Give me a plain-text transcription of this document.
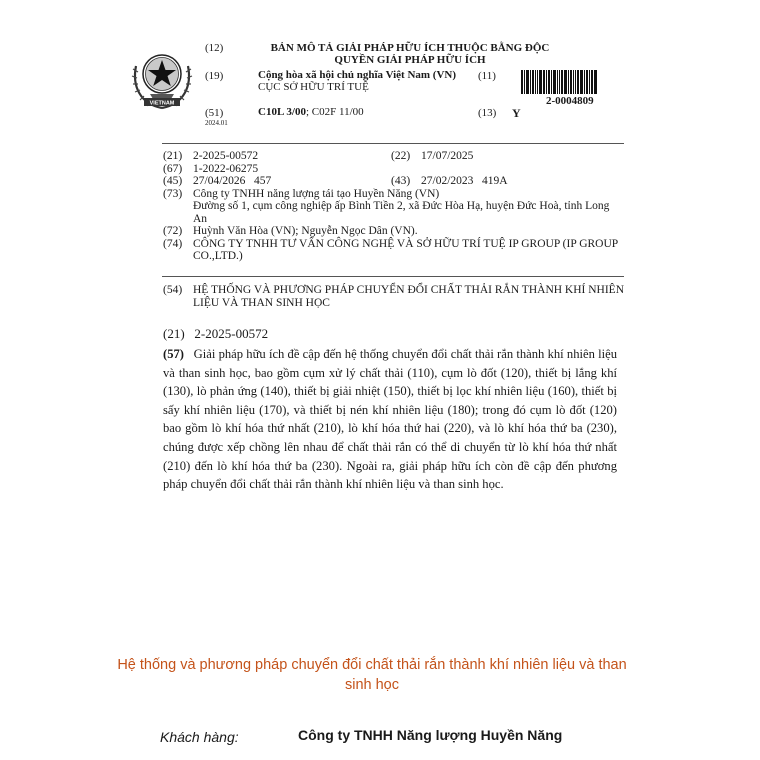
VIETNAM
(12)	BẢN MÔ TẢ GIẢI PHÁP HỮU ÍCH THUỘC BẰNG ĐỘC QUYỀN GIẢI PHÁP HỮU ÍCH
(19)	Cộng hòa xã hội chủ nghĩa Việt Nam (VN)
CỤC SỞ HỮU TRÍ TUỆ
(11)
2-0004809
(51)
2024.01
C10L 3/00; C02F 11/00	(13) Y
(21) 2-2025-00572	(22) 17/07/2025
(67) 1-2022-06275
(45) 27/04/2026   457	(43) 27/02/2023   419A
(73) Công ty TNHH năng lượng tái tạo Huyền Năng (VN)
Đường số 1, cụm công nghiệp ấp Bình Tiền 2, xã Đức Hòa Hạ, huyện Đức Hoà, tỉnh Long An
(72) Huỳnh Văn Hòa (VN); Nguyễn Ngọc Dân (VN).
(74) CÔNG TY TNHH TƯ VẤN CÔNG NGHỆ VÀ SỞ HỮU TRÍ TUỆ IP GROUP (IP GROUP CO.,LTD.)
(54) HỆ THỐNG VÀ PHƯƠNG PHÁP CHUYỂN ĐỔI CHẤT THẢI RẮN THÀNH KHÍ NHIÊN LIỆU VÀ THAN SINH HỌC
(21) 2-2025-00572
(57) Giải pháp hữu ích đề cập đến hệ thống chuyển đổi chất thải rắn thành khí nhiên liệu và than sinh học, bao gồm cụm xử lý chất thải (110), cụm lò đốt (120), thiết bị lắng khí (130), lò phản ứng (140), thiết bị giải nhiệt (150), thiết bị lọc khí nhiên liệu (160), thiết bị sấy khí nhiên liệu (170), và thiết bị nén khí nhiên liệu (180); trong đó cụm lò đốt (120) bao gồm lò khí hóa thứ nhất (210), lò khí hóa thứ hai (220), và lò khí hóa thứ ba (230), chúng được xếp chồng lên nhau để chất thải rắn có thể di chuyển từ lò khí hóa thứ nhất (210) đến lò khí hóa thứ ba (230). Ngoài ra, giải pháp hữu ích còn đề cập đến phương pháp chuyển đổi chất thải rắn thành khí nhiên liệu và than sinh học.
Hệ thống và phương pháp chuyển đổi chất thải rắn thành khí nhiên liệu và than sinh học
Khách hàng:	Công ty TNHH Năng lượng Huyền Năng
